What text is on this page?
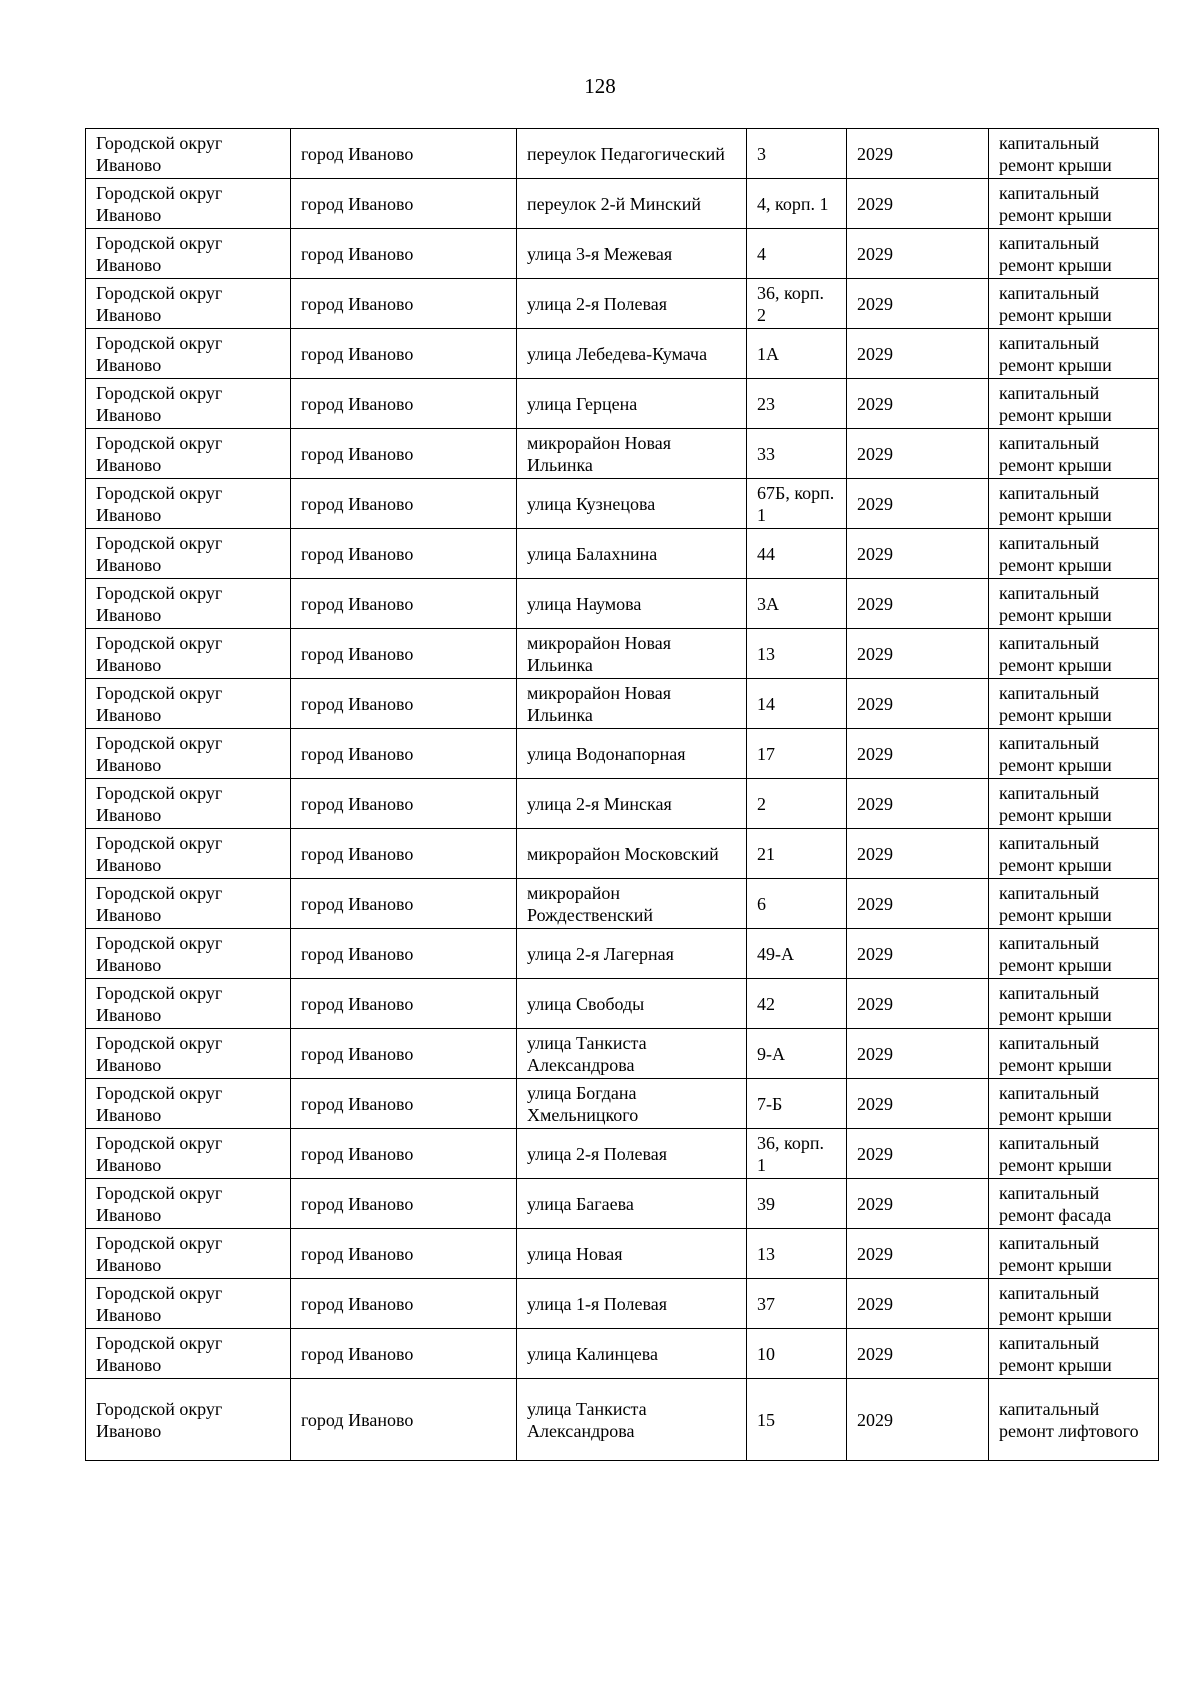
128
Городской округ Иваново	город Иваново	переулок Педагогический	3	2029	капитальный ремонт крыши
Городской округ Иваново	город Иваново	переулок 2-й Минский	4, корп. 1	2029	капитальный ремонт крыши
Городской округ Иваново	город Иваново	улица 3-я Межевая	4	2029	капитальный ремонт крыши
Городской округ Иваново	город Иваново	улица 2-я Полевая	36, корп. 2	2029	капитальный ремонт крыши
Городской округ Иваново	город Иваново	улица Лебедева-Кумача	1А	2029	капитальный ремонт крыши
Городской округ Иваново	город Иваново	улица Герцена	23	2029	капитальный ремонт крыши
Городской округ Иваново	город Иваново	микрорайон Новая Ильинка	33	2029	капитальный ремонт крыши
Городской округ Иваново	город Иваново	улица Кузнецова	67Б, корп. 1	2029	капитальный ремонт крыши
Городской округ Иваново	город Иваново	улица Балахнина	44	2029	капитальный ремонт крыши
Городской округ Иваново	город Иваново	улица Наумова	3А	2029	капитальный ремонт крыши
Городской округ Иваново	город Иваново	микрорайон Новая Ильинка	13	2029	капитальный ремонт крыши
Городской округ Иваново	город Иваново	микрорайон Новая Ильинка	14	2029	капитальный ремонт крыши
Городской округ Иваново	город Иваново	улица Водонапорная	17	2029	капитальный ремонт крыши
Городской округ Иваново	город Иваново	улица 2-я Минская	2	2029	капитальный ремонт крыши
Городской округ Иваново	город Иваново	микрорайон Московский	21	2029	капитальный ремонт крыши
Городской округ Иваново	город Иваново	микрорайон Рождественский	6	2029	капитальный ремонт крыши
Городской округ Иваново	город Иваново	улица 2-я Лагерная	49-А	2029	капитальный ремонт крыши
Городской округ Иваново	город Иваново	улица Свободы	42	2029	капитальный ремонт крыши
Городской округ Иваново	город Иваново	улица Танкиста Александрова	9-А	2029	капитальный ремонт крыши
Городской округ Иваново	город Иваново	улица Богдана Хмельницкого	7-Б	2029	капитальный ремонт крыши
Городской округ Иваново	город Иваново	улица 2-я Полевая	36, корп. 1	2029	капитальный ремонт крыши
Городской округ Иваново	город Иваново	улица Багаева	39	2029	капитальный ремонт фасада
Городской округ Иваново	город Иваново	улица Новая	13	2029	капитальный ремонт крыши
Городской округ Иваново	город Иваново	улица 1-я Полевая	37	2029	капитальный ремонт крыши
Городской округ Иваново	город Иваново	улица Калинцева	10	2029	капитальный ремонт крыши
Городской округ Иваново	город Иваново	улица Танкиста Александрова	15	2029	капитальный ремонт лифтового
